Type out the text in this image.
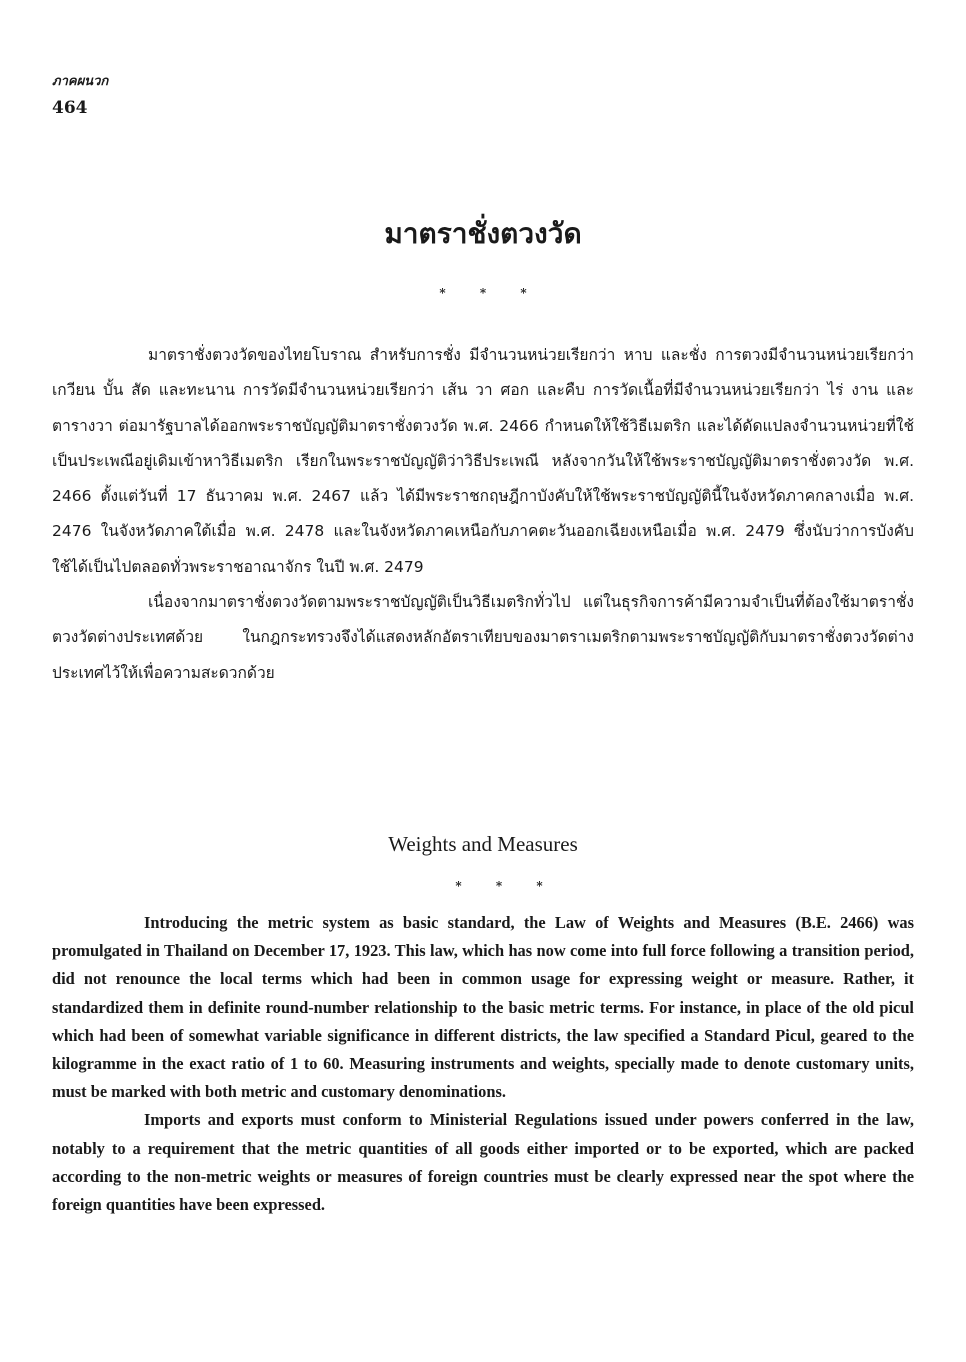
ภาคผนวก
464
มาตราชั่งตวงวัด
* * *

มาตราชั่งตวงวัดของไทยโบราณ สำหรับการชั่ง มีจำนวนหน่วยเรียกว่า หาบ และชั่ง การตวงมีจำนวนหน่วยเรียกว่า เกวียน บั้น สัด และทะนาน การวัดมีจำนวนหน่วยเรียกว่า เส้น วา ศอก และคืบ การวัดเนื้อที่มีจำนวนหน่วยเรียกว่า ไร่ งาน และตารางวา ต่อมารัฐบาลได้ออกพระราชบัญญัติมาตราชั่งตวงวัด พ.ศ. 2466 กำหนดให้ใช้วิธีเมตริก และได้ดัดแปลงจำนวนหน่วยที่ใช้เป็นประเพณีอยู่เดิมเข้าหาวิธีเมตริก เรียกในพระราชบัญญัติว่าวิธีประเพณี หลังจากวันให้ใช้พระราชบัญญัติมาตราชั่งตวงวัด พ.ศ. 2466 ตั้งแต่วันที่ 17 ธันวาคม พ.ศ. 2467 แล้ว ได้มีพระราชกฤษฎีกาบังคับให้ใช้พระราชบัญญัตินี้ในจังหวัดภาคกลางเมื่อ พ.ศ. 2476 ในจังหวัดภาคใต้เมื่อ พ.ศ. 2478 และในจังหวัดภาคเหนือกับภาคตะวันออกเฉียงเหนือเมื่อ พ.ศ. 2479 ซึ่งนับว่าการบังคับใช้ได้เป็นไปตลอดทั่วพระราชอาณาจักร ในปี พ.ศ. 2479

เนื่องจากมาตราชั่งตวงวัดตามพระราชบัญญัติเป็นวิธีเมตริกทั่วไป แต่ในธุรกิจการค้ามีความจำเป็นที่ต้องใช้มาตราชั่งตวงวัดต่างประเทศด้วย ในกฎกระทรวงจึงได้แสดงหลักอัตราเทียบของมาตราเมตริกตามพระราชบัญญัติกับมาตราชั่งตวงวัดต่างประเทศไว้ให้เพื่อความสะดวกด้วย

Weights and Measures
* * *

Introducing the metric system as basic standard, the Law of Weights and Measures (B.E. 2466) was promulgated in Thailand on December 17, 1923. This law, which has now come into full force following a transition period, did not renounce the local terms which had been in common usage for expressing weight or measure. Rather, it standardized them in definite round-number relationship to the basic metric terms. For instance, in place of the old picul which had been of somewhat variable significance in different districts, the law specified a Standard Picul, geared to the kilogramme in the exact ratio of 1 to 60. Measuring instruments and weights, specially made to denote customary units, must be marked with both metric and customary denominations.

Imports and exports must conform to Ministerial Regulations issued under powers conferred in the law, notably to a requirement that the metric quantities of all goods either imported or to be exported, which are packed according to the non-metric weights or measures of foreign countries must be clearly expressed near the spot where the foreign quantities have been expressed.
